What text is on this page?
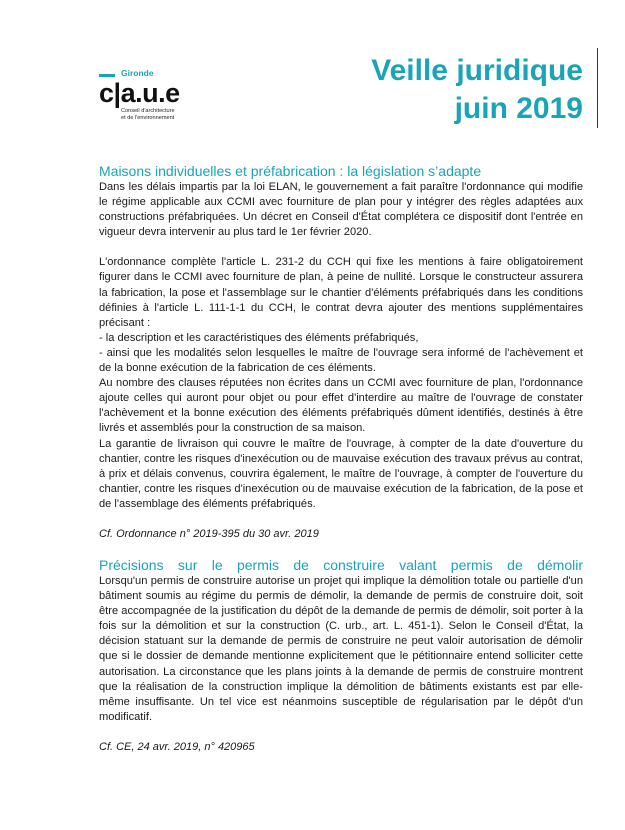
Gironde
c|a.u.e
Conseil d'architecture
et de l'environnement
Veille juridique
juin 2019
Maisons individuelles et préfabrication : la législation s’adapte

Dans les délais impartis par la loi ELAN, le gouvernement a fait paraître l'ordonnance qui modifie le régime applicable aux CCMI avec fourniture de plan pour y intégrer des règles adaptées aux constructions préfabriquées. Un décret en Conseil d'État complétera ce dispositif dont l'entrée en vigueur devra intervenir au plus tard le 1er février 2020.

L'ordonnance complète l'article L. 231-2 du CCH qui fixe les mentions à faire obligatoirement figurer dans le CCMI avec fourniture de plan, à peine de nullité. Lorsque le constructeur assurera la fabrication, la pose et l'assemblage sur le chantier d'éléments préfabriqués dans les conditions définies à l'article L. 111-1-1 du CCH, le contrat devra ajouter des mentions supplémentaires précisant :

- la description et les caractéristiques des éléments préfabriqués,

- ainsi que les modalités selon lesquelles le maître de l'ouvrage sera informé de l'achèvement et de la bonne exécution de la fabrication de ces éléments.

Au nombre des clauses réputées non écrites dans un CCMI avec fourniture de plan, l'ordonnance ajoute celles qui auront pour objet ou pour effet d'interdire au maître de l'ouvrage de constater l'achèvement et la bonne exécution des éléments préfabriqués dûment identifiés, destinés à être livrés et assemblés pour la construction de sa maison.

La garantie de livraison qui couvre le maître de l'ouvrage, à compter de la date d'ouverture du chantier, contre les risques d'inexécution ou de mauvaise exécution des travaux prévus au contrat, à prix et délais convenus, couvrira également, le maître de l'ouvrage, à compter de l'ouverture du chantier, contre les risques d'inexécution ou de mauvaise exécution de la fabrication, de la pose et de l'assemblage des éléments préfabriqués.

Cf. Ordonnance n° 2019-395 du 30 avr. 2019

Précisions sur le permis de construire valant permis de démolir

Lorsqu'un permis de construire autorise un projet qui implique la démolition totale ou partielle d'un bâtiment soumis au régime du permis de démolir, la demande de permis de construire doit, soit être accompagnée de la justification du dépôt de la demande de permis de démolir, soit porter à la fois sur la démolition et sur la construction (C. urb., art. L. 451-1). Selon le Conseil d'État, la décision statuant sur la demande de permis de construire ne peut valoir autorisation de démolir que si le dossier de demande mentionne explicitement que le pétitionnaire entend solliciter cette autorisation. La circonstance que les plans joints à la demande de permis de construire montrent que la réalisation de la construction implique la démolition de bâtiments existants est par elle-même insuffisante. Un tel vice est néanmoins susceptible de régularisation par le dépôt d'un modificatif.

Cf. CE, 24 avr. 2019, n° 420965
